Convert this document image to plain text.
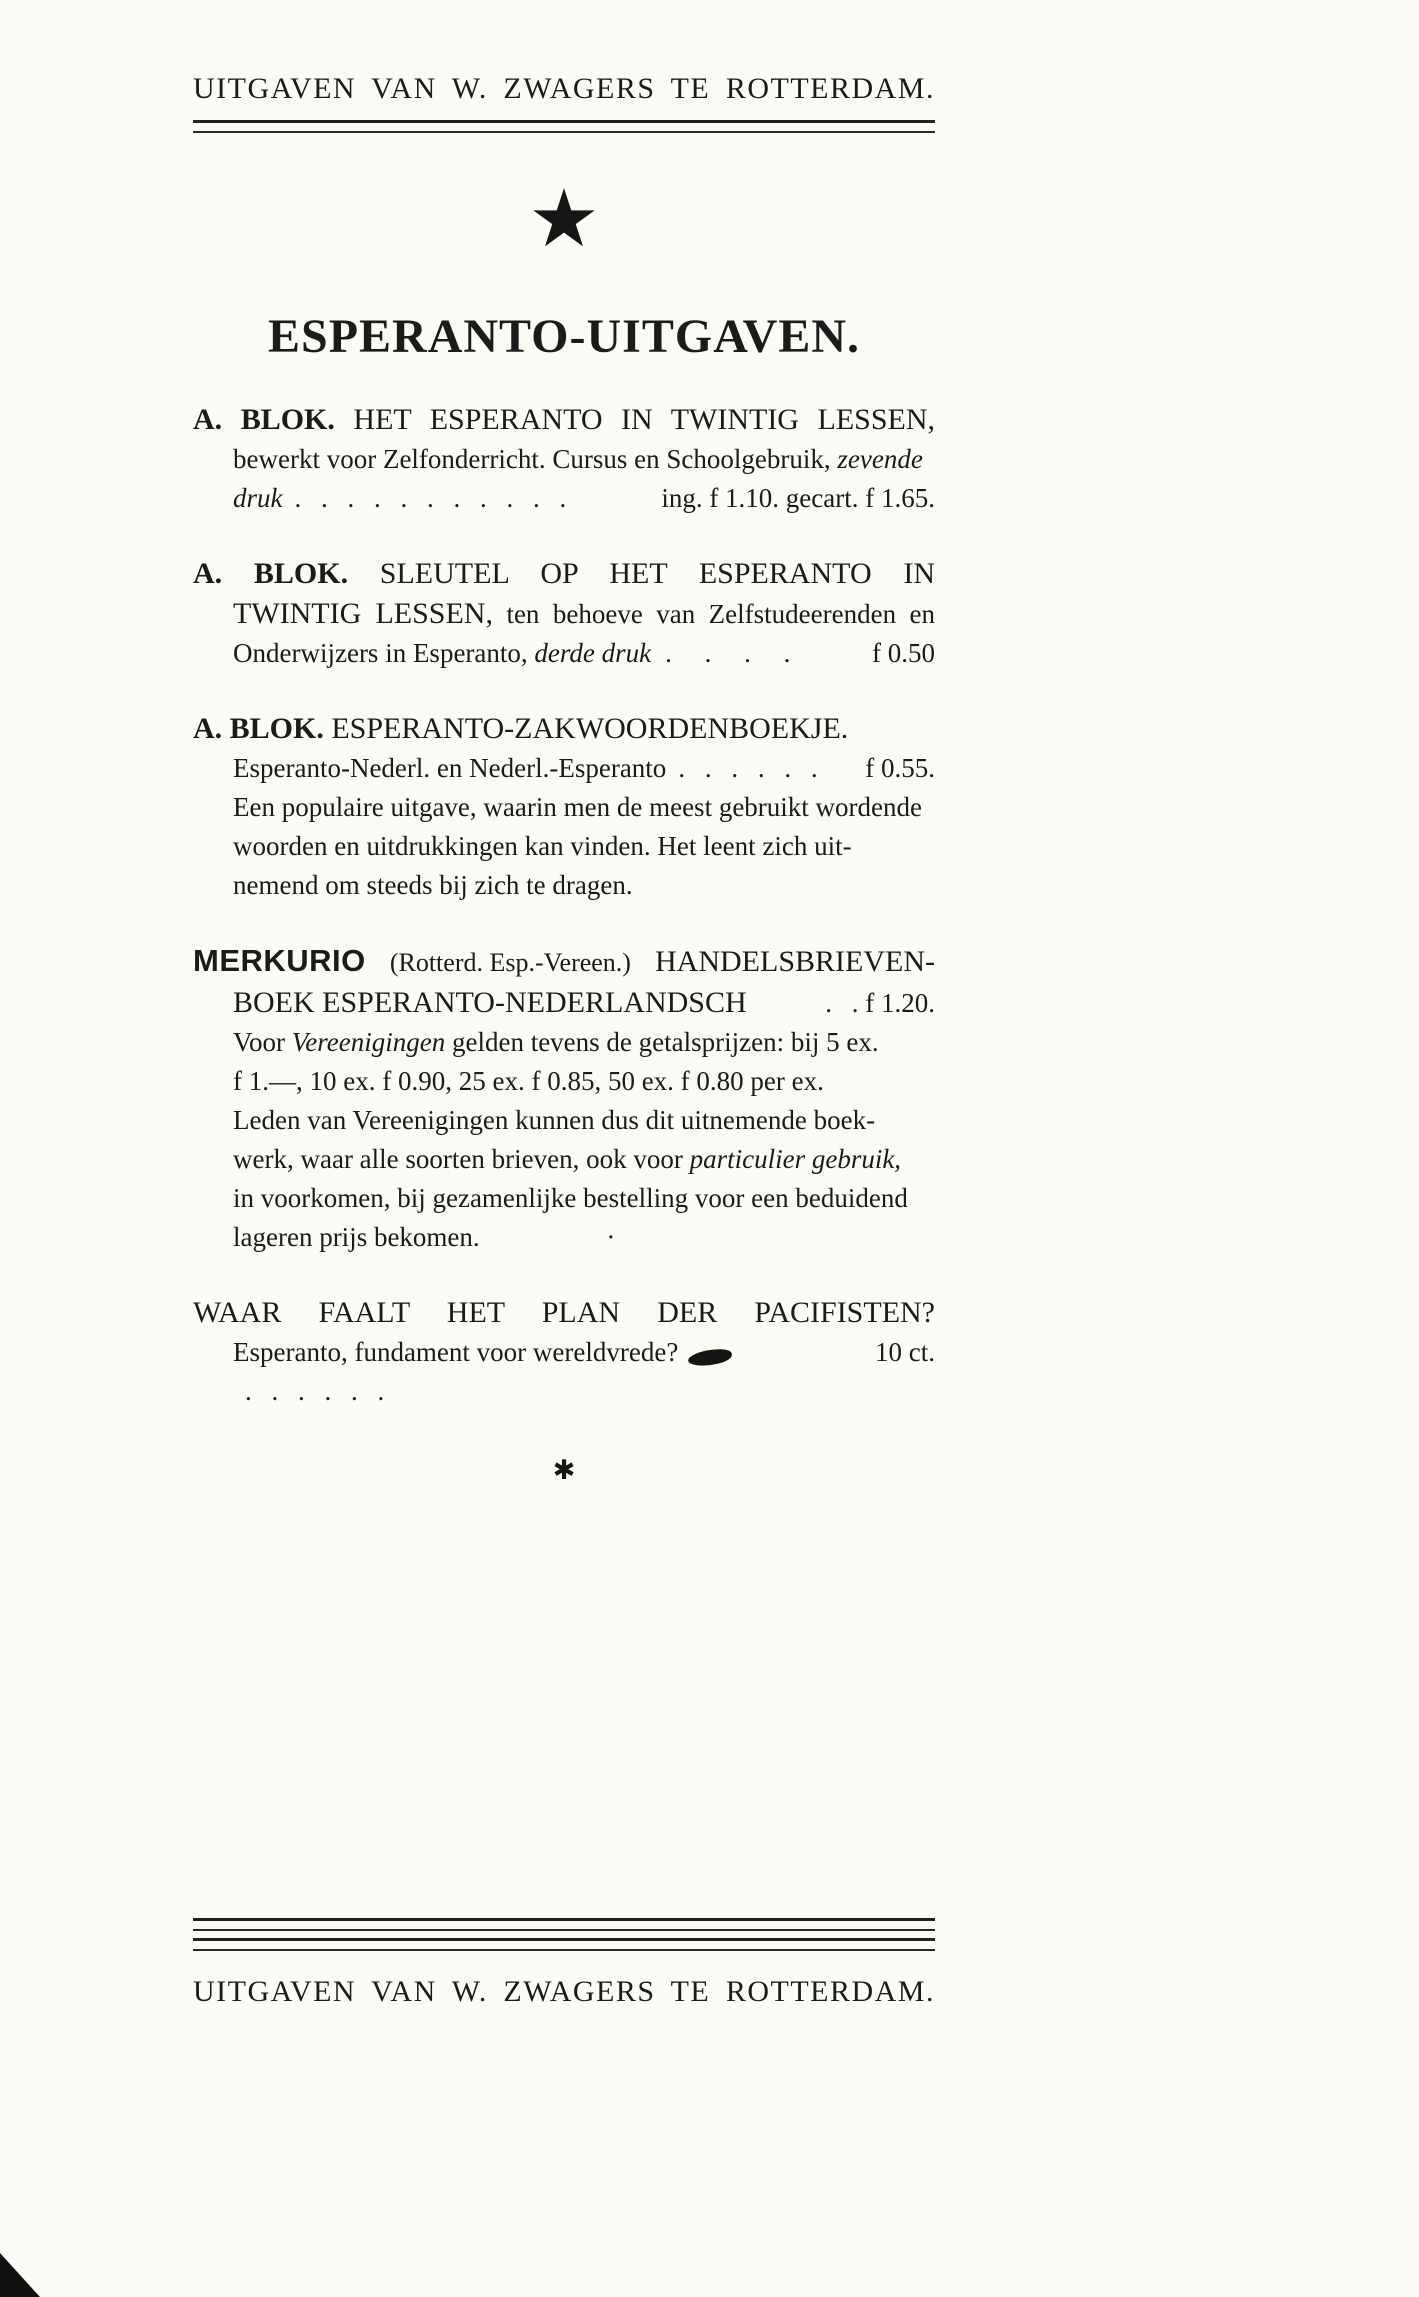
UITGAVEN VAN W. ZWAGERS TE ROTTERDAM.
★
ESPERANTO-UITGAVEN.
A. BLOK. HET ESPERANTO IN TWINTIG LESSEN,
bewerkt voor Zelfonderricht. Cursus en Schoolgebruik, zevende
druk . . . . . . . . . . .	ing. f 1.10. gecart. f 1.65.
A. BLOK. SLEUTEL OP HET ESPERANTO IN
TWINTIG LESSEN, ten behoeve van Zelfstudeerenden en
Onderwijzers in Esperanto, derde druk . . . .	f 0.50
A. BLOK. ESPERANTO-ZAKWOORDENBOEKJE.
Esperanto-Nederl. en Nederl.-Esperanto . . . . . . f 0.55.
Een populaire uitgave, waarin men de meest gebruikt wordende
woorden en uitdrukkingen kan vinden. Het leent zich uit-
nemend om steeds bij zich te dragen.
MERKURIO (Rotterd. Esp.-Vereen.) HANDELSBRIEVEN-
BOEK ESPERANTO-NEDERLANDSCH	. . f 1.20.
Voor Vereenigingen gelden tevens de getalsprijzen: bij 5 ex.
f 1.—, 10 ex. f 0.90, 25 ex. f 0.85, 50 ex. f 0.80 per ex.
Leden van Vereenigingen kunnen dus dit uitnemende boek-
werk, waar alle soorten brieven, ook voor particulier gebruik,
in voorkomen, bij gezamenlijke bestelling voor een beduidend
lageren prijs bekomen.	·
WAAR FAALT HET PLAN DER PACIFISTEN?
Esperanto, fundament voor wereldvrede?. . . . . .
10 ct.
✱
UITGAVEN VAN W. ZWAGERS TE ROTTERDAM.
